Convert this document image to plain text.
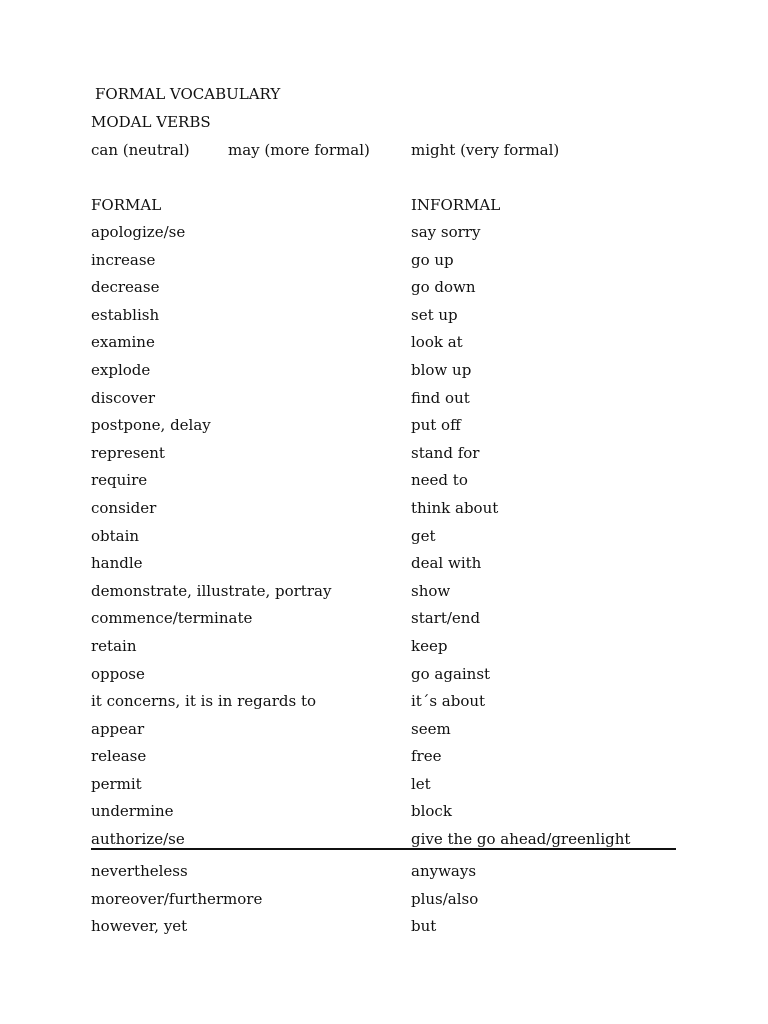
FORMAL VOCABULARY
MODAL VERBS
can (neutral)	may (more formal)	might (very formal)
FORMAL	INFORMAL
apologize/se	say sorry
increase	go up
decrease	go down
establish	set up
examine	look at
explode	blow up
discover	find out
postpone, delay	put off
represent	stand for
require	need to
consider	think about
obtain	get
handle	deal with
demonstrate, illustrate, portray	show
commence/terminate	start/end
retain	keep
oppose	go against
it concerns, it is in regards to	it´s about
appear	seem
release	free
permit	let
undermine	block
authorize/se	give the go ahead/greenlight
nevertheless	anyways
moreover/furthermore	plus/also
however, yet	but
